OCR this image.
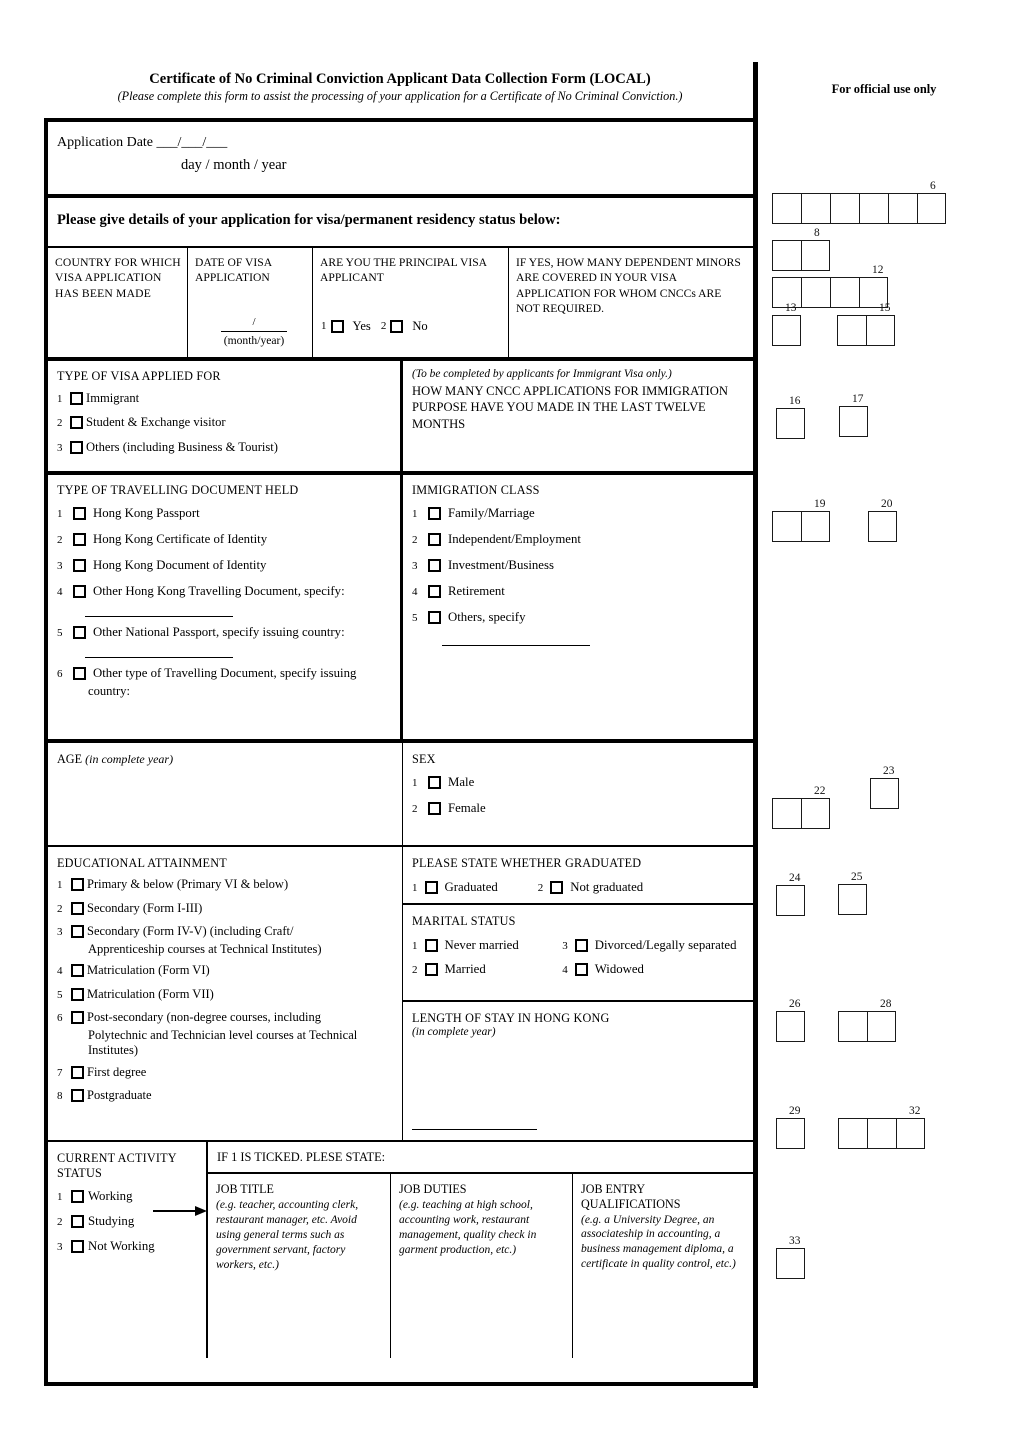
Certificate of No Criminal Conviction Applicant Data Collection Form (LOCAL)
(Please complete this form to assist the processing of your application for a Certificate of No Criminal Conviction.)
For official use only
Application Date ___/___/___
day / month / year
Please give details of your application for visa/permanent residency status below:
COUNTRY FOR WHICH VISA APPLICATION HAS BEEN MADE
DATE OF VISA APPLICATION
/
(month/year)
ARE YOU THE PRINCIPAL VISA APPLICANT
1 Yes 2 No
IF YES, HOW MANY DEPENDENT MINORS ARE COVERED IN YOUR VISA APPLICATION FOR WHOM CNCCs ARE NOT REQUIRED.
TYPE OF VISA APPLIED FOR
1	Immigrant
2	Student & Exchange visitor
3	Others (including Business & Tourist)
(To be completed by applicants for Immigrant Visa only.)
HOW MANY CNCC APPLICATIONS FOR IMMIGRATION PURPOSE HAVE YOU MADE IN THE LAST TWELVE MONTHS
TYPE OF TRAVELLING DOCUMENT HELD
1	Hong Kong Passport
2	Hong Kong Certificate of Identity
3	Hong Kong Document of Identity
4	Other Hong Kong Travelling Document, specify:
5	Other National Passport, specify issuing country:
6	Other type of Travelling Document, specify issuing
country:
IMMIGRATION CLASS
1	Family/Marriage
2	Independent/Employment
3	Investment/Business
4	Retirement
5	Others, specify
AGE (in complete year)	SEX
1	Male
2	Female
EDUCATIONAL ATTAINMENT
1	Primary & below (Primary VI & below)
2	Secondary (Form I-III)
3	Secondary (Form IV-V) (including Craft/
Apprenticeship courses at Technical Institutes)
4	Matriculation (Form VI)
5	Matriculation (Form VII)
6	Post-secondary (non-degree courses, including
Polytechnic and Technician level courses at Technical Institutes)
7	First degree
8	Postgraduate
PLEASE STATE WHETHER GRADUATED
1 Graduated	2 Not graduated
MARITAL STATUS
1 Never married	3 Divorced/Legally separated
2 Married	4 Widowed
LENGTH OF STAY IN HONG KONG
(in complete year)
CURRENT ACTIVITY STATUS
1	Working
2	Studying
3	Not Working
IF 1 IS TICKED. PLESE STATE:
JOB TITLE
(e.g. teacher, accounting clerk, restaurant manager, etc. Avoid using general terms such as government servant, factory workers, etc.)
JOB DUTIES
(e.g. teaching at high school, accounting work, restaurant management, quality check in garment production, etc.)
JOB ENTRY QUALIFICATIONS
(e.g. a University Degree, an associateship in accounting, a business management diploma, a certificate in quality control, etc.)
6
8
12
13	15
16	17
19	20
22
23
24	25
26	28
29	32
33
